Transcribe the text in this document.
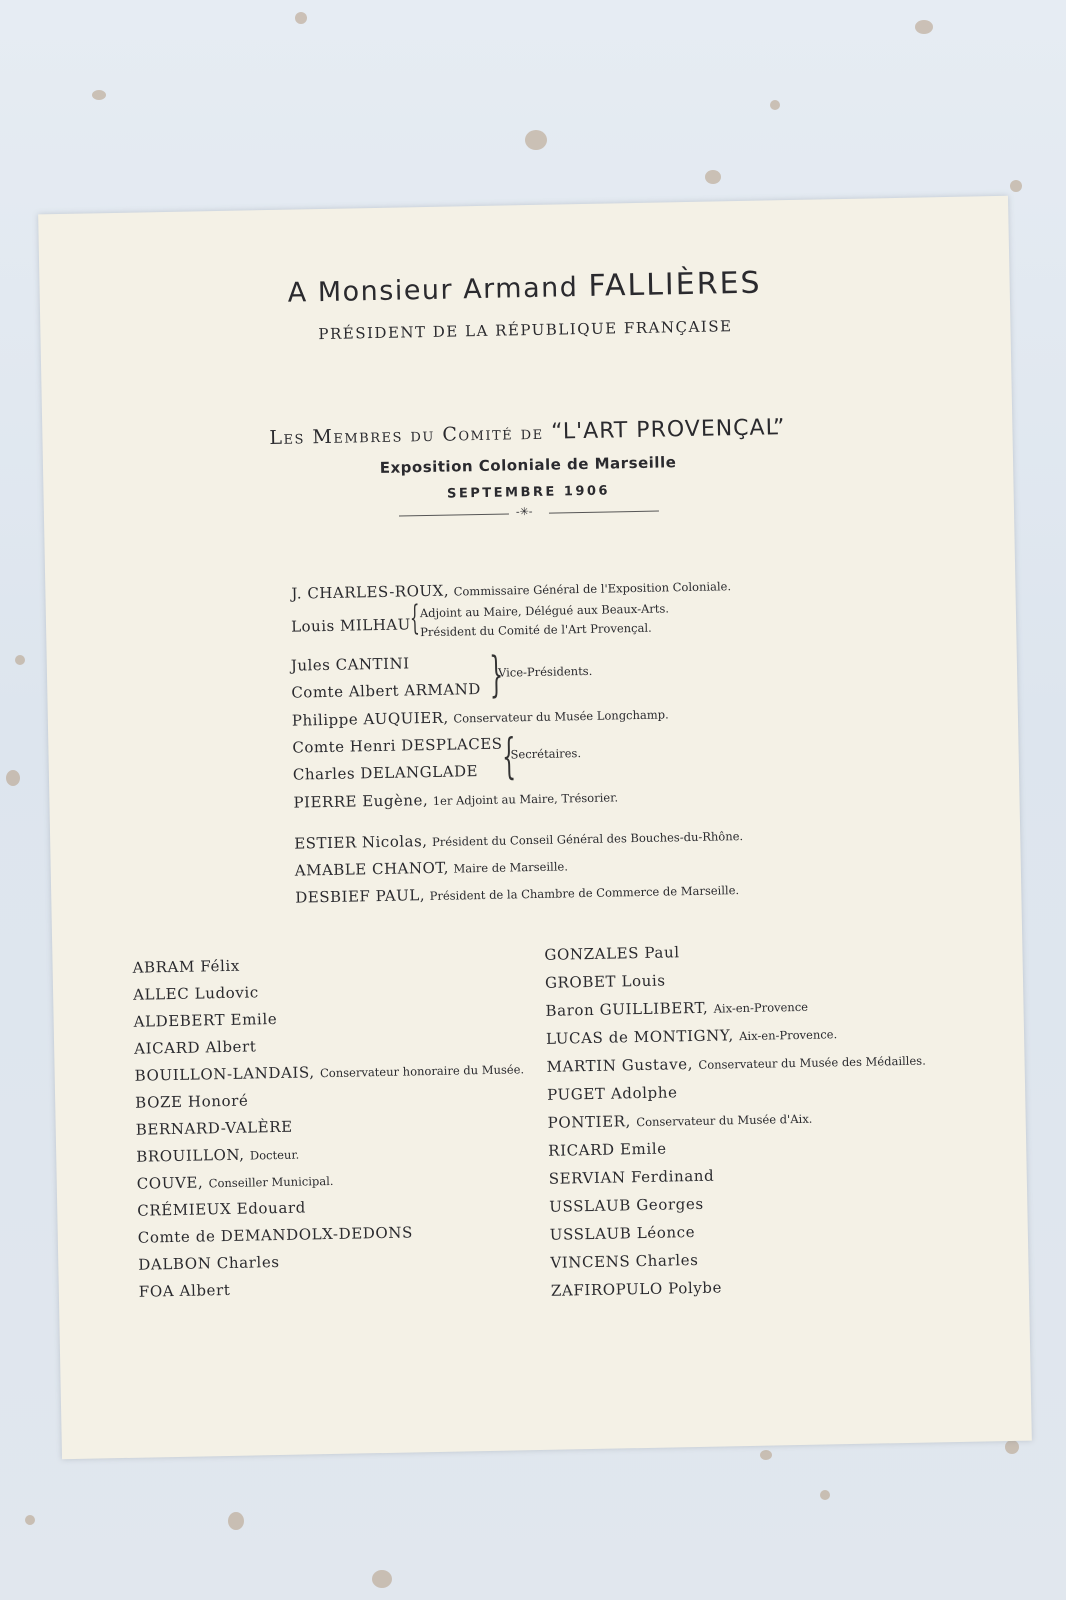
A Monsieur Armand FALLIÈRES
PRÉSIDENT DE LA RÉPUBLIQUE FRANÇAISE
Les Membres du Comité de “L'ART PROVENÇAL”
Exposition Coloniale de Marseille
SEPTEMBRE 1906
-✳-
J. CHARLES-ROUX, Commissaire Général de l'Exposition Coloniale.
Louis MILHAU
{ Adjoint au Maire, Délégué aux Beaux-Arts.
Président du Comité de l'Art Provençal.
Jules CANTINI
Comte Albert ARMAND }
Vice-Présidents.
Philippe AUQUIER, Conservateur du Musée Longchamp.
Comte Henri DESPLACES
Charles DELANGLADE {
Secrétaires.
PIERRE Eugène, 1er Adjoint au Maire, Trésorier.
ESTIER Nicolas, Président du Conseil Général des Bouches-du-Rhône.
AMABLE CHANOT, Maire de Marseille.
DESBIEF PAUL, Président de la Chambre de Commerce de Marseille.
ABRAM Félix
ALLEC Ludovic
ALDEBERT Emile
AICARD Albert
BOUILLON-LANDAIS, Conservateur honoraire du Musée.
BOZE Honoré
BERNARD-VALÈRE
BROUILLON, Docteur.
COUVE, Conseiller Municipal.
CRÉMIEUX Edouard
Comte de DEMANDOLX-DEDONS
DALBON Charles
FOA Albert
GONZALES Paul
GROBET Louis
Baron GUILLIBERT, Aix-en-Provence
LUCAS de MONTIGNY, Aix-en-Provence.
MARTIN Gustave, Conservateur du Musée des Médailles.
PUGET Adolphe
PONTIER, Conservateur du Musée d'Aix.
RICARD Emile
SERVIAN Ferdinand
USSLAUB Georges
USSLAUB Léonce
VINCENS Charles
ZAFIROPULO Polybe
